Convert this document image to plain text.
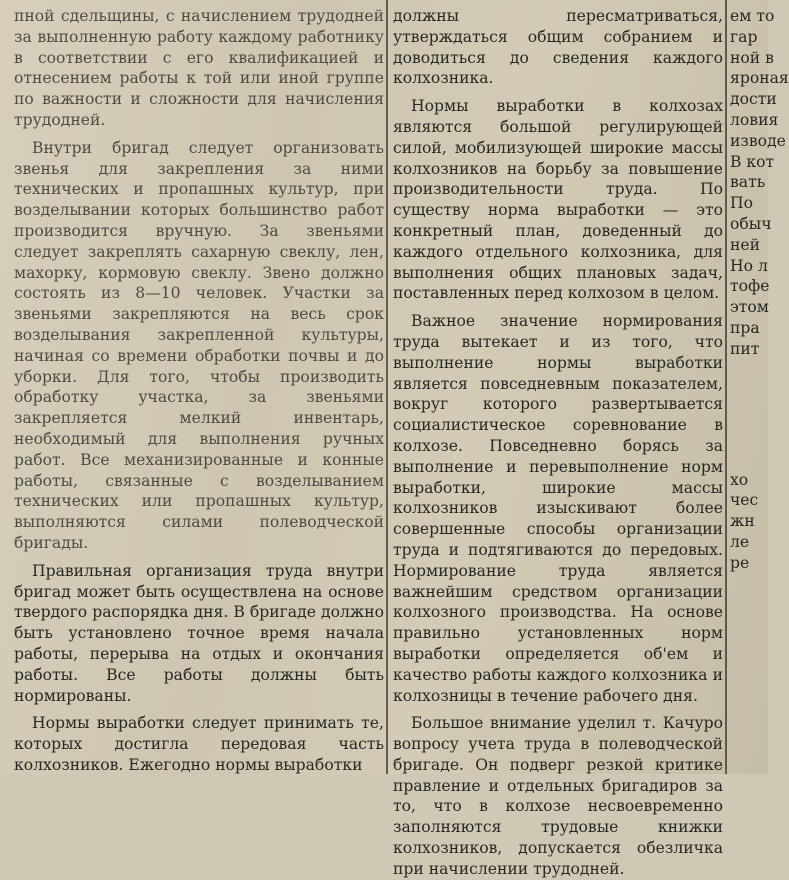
пной сдельщины, с начислением трудодней за выполненную работу каждому работнику в соответствии с его квалификацией и отнесением работы к той или иной группе по важности и сложности для начисления трудодней.

Внутри бригад следует организовать звенья для закрепления за ними технических и пропашных культур, при возделывании которых большинство работ производится вручную. За звеньями следует закреплять сахарную свеклу, лен, махорку, кормовую свеклу. Звено должно состоять из 8—10 человек. Участки за звеньями закрепляются на весь срок возделывания закрепленной культуры, начиная со времени обработки почвы и до уборки. Для того, чтобы производить обработку участка, за звеньями закрепляется мелкий инвентарь, необходимый для выполнения ручных работ. Все механизированные и конные работы, связанные с возделыванием технических или пропашных культур, выполняются силами полеводческой бригады.

Правильная организация труда внутри бригад может быть осуществлена на основе твердого распорядка дня. В бригаде должно быть установлено точное время начала работы, перерыва на отдых и окончания работы. Все работы должны быть нормированы.

Нормы выработки следует принимать те, которых достигла передовая часть колхозников. Ежегодно нормы выработки

должны пересматриваться, утверждаться общим собранием и доводиться до сведения каждого колхозника.

Нормы выработки в колхозах являются большой регулирующей силой, мобилизующей широкие массы колхозников на борьбу за повышение производительности труда. По существу норма выработки — это конкретный план, доведенный до каждого отдельного колхозника, для выполнения общих плановых задач, поставленных перед колхозом в целом.

Важное значение нормирования труда вытекает и из того, что выполнение нормы выработки является повседневным показателем, вокруг которого развертывается социалистическое соревнование в колхозе. Повседневно борясь за выполнение и перевыполнение норм выработки, широкие массы колхозников изыскивают более совершенные способы организации труда и подтягиваются до передовых. Нормирование труда является важнейшим средством организации колхозного производства. На основе правильно установленных норм выработки определяется об'ем и качество работы каждого колхозника и колхозницы в течение рабочего дня.

Большое внимание уделил т. Качуро вопросу учета труда в полеводческой бригаде. Он подверг резкой критике правление и отдельных бригадиров за то, что в колхозе несвоевременно заполняются трудовые книжки колхозников, допускается обезличка при начислении трудодней.

ем то
гар
ной в
яроная
дости
ловия
изводе
В кот
вать
По
обыч
ней
Но л
тофе
этом
пра
пит
хо
чес
жн
ле
ре
